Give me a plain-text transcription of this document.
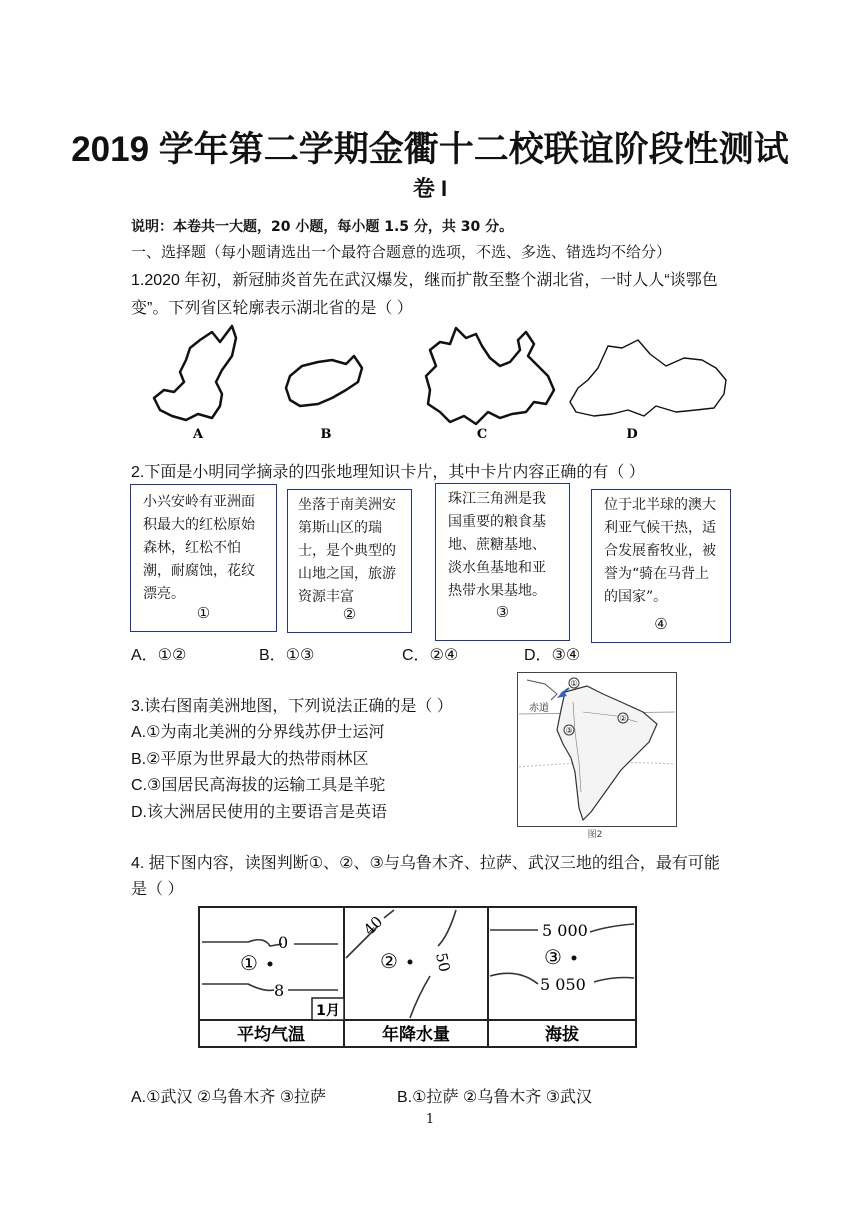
2019 学年第二学期金衢十二校联谊阶段性测试
卷 I
说明：本卷共一大题，20 小题，每小题 1.5 分，共 30 分。
一、选择题（每小题请选出一个最符合题意的选项，不选、多选、错选均不给分）
1.2020 年初，新冠肺炎首先在武汉爆发，继而扩散至整个湖北省，一时人人“谈鄂色
变”。下列省区轮廓表示湖北省的是（ ）
A	B	C	D
2.下面是小明同学摘录的四张地理知识卡片，其中卡片内容正确的有（ ）
小兴安岭有亚洲面积最大的红松原始森林，红松不怕潮，耐腐蚀，花纹漂亮。
①
坐落于南美洲安第斯山区的瑞士，是个典型的山地之国，旅游资源丰富
②
珠江三角洲是我国重要的粮食基地、蔗糖基地、淡水鱼基地和亚热带水果基地。
③
位于北半球的澳大利亚气候干热，适合发展畜牧业，被誉为“骑在马背上的国家”。
④
A．①②	B．①③	C．②④	D．③④
3.读右图南美洲地图，下列说法正确的是（ ）
A.①为南北美洲的分界线苏伊士运河
B.②平原为世界最大的热带雨林区
C.③国居民高海拔的运输工具是羊驼
D.该大洲居民使用的主要语言是英语
①
②
③
赤道
图2
4. 据下图内容，读图判断①、②、③与乌鲁木齐、拉萨、武汉三地的组合，最有可能
是（ ）
0
8
①
1月
平均气温
40
50
②
年降水量
5 000
5 050
③
海拔
A.①武汉 ②乌鲁木齐 ③拉萨	B.①拉萨 ②乌鲁木齐 ③武汉
1
